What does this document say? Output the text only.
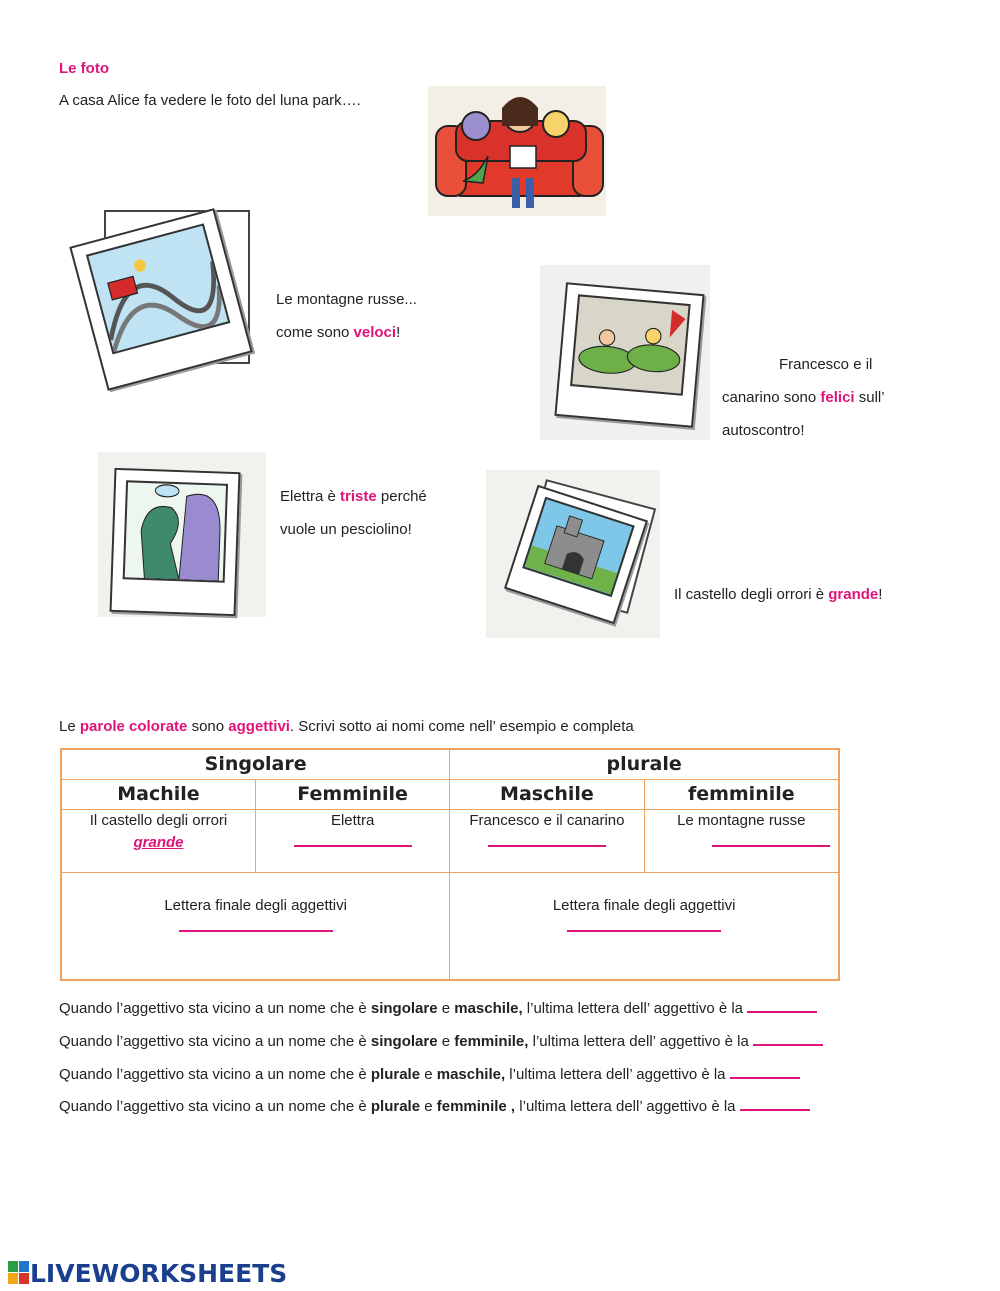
Le foto
A casa Alice fa vedere le foto del luna park….
Le montagne russe...
come sono veloci!
Francesco e il
canarino sono felici sull’
autoscontro!
Elettra è triste perché
vuole un pesciolino!
Il castello degli orrori è grande!
Le parole colorate sono aggettivi. Scrivi sotto ai nomi come nell’ esempio e completa
Singolare		plurale	
Machile	Femminile	Maschile	femminile

Il castello degli orrori
grande	Elettra	Francesco e il canarino	Le montagne russe

Lettera finale degli aggettivi		Lettera finale degli aggettivi	
Quando l’aggettivo sta vicino a un nome che è singolare e maschile, l’ultima lettera dell’ aggettivo è la
Quando l’aggettivo sta vicino a un nome che è singolare e femminile, l’ultima lettera dell’ aggettivo è la
Quando l’aggettivo sta vicino a un nome che è plurale e maschile, l’ultima lettera dell’ aggettivo è la
Quando l’aggettivo sta vicino a un nome che è plurale e femminile , l’ultima lettera dell’ aggettivo è la
LIVEWORKSHEETS
